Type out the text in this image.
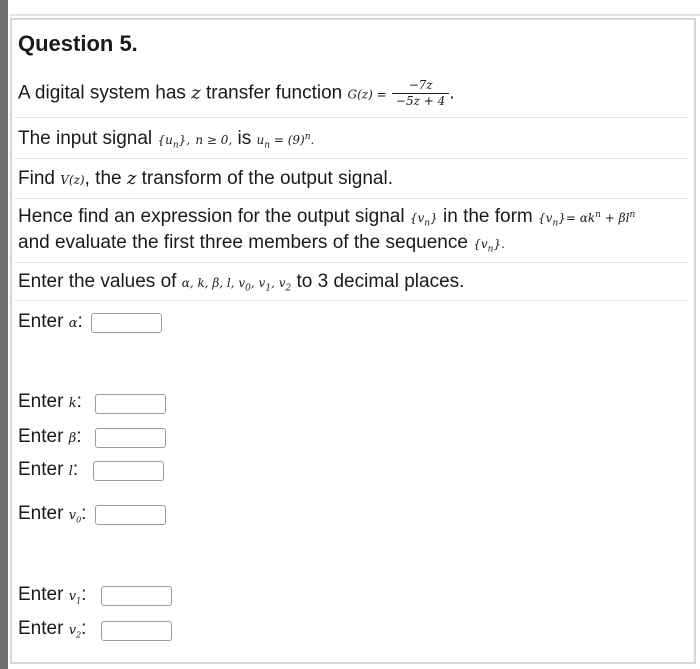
Question 5.
A digital system has z transfer function $G(z) = \frac{-7z}{-5z + 4}$ .
The input signal $\{u_n\}$, n ≥ 0, is $u_n = (9)^n$.
Find V(z), the z transform of the output signal.
Hence find an expression for the output signal $\{v_n\}$ in the form $\{v_n\}= \alpha k^n + \beta l^n$
and evaluate the first three members of the sequence $\{v_n\}$.
Enter the values of α, k, β, l, $v_0$, $v_1$, $v_2$ to 3 decimal places.
Enter α:
Enter k:
Enter β:
Enter l:
Enter $v_0$:
Enter $v_1$:
Enter $v_2$:
